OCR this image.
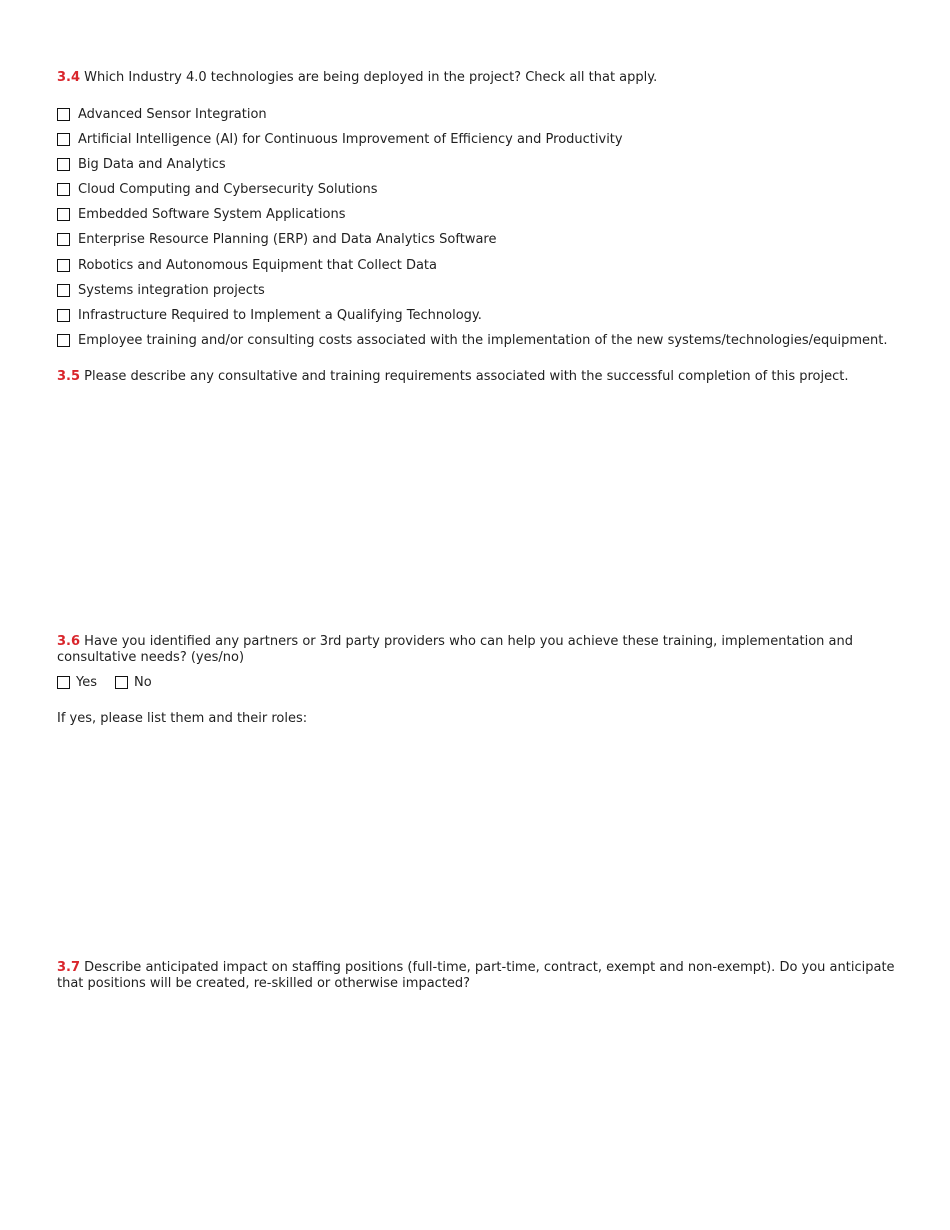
3.4 Which Industry 4.0 technologies are being deployed in the project? Check all that apply.
Advanced Sensor Integration
Artificial Intelligence (AI) for Continuous Improvement of Efficiency and Productivity
Big Data and Analytics
Cloud Computing and Cybersecurity Solutions
Embedded Software System Applications
Enterprise Resource Planning (ERP) and Data Analytics Software
Robotics and Autonomous Equipment that Collect Data
Systems integration projects
Infrastructure Required to Implement a Qualifying Technology.
Employee training and/or consulting costs associated with the implementation of the new systems/technologies/equipment.
3.5 Please describe any consultative and training requirements associated with the successful completion of this project.
3.6 Have you identified any partners or 3rd party providers who can help you achieve these training, implementation and consultative needs? (yes/no)
Yes	No
If yes, please list them and their roles:
3.7 Describe anticipated impact on staffing positions (full-time, part-time, contract, exempt and non-exempt). Do you anticipate that positions will be created, re-skilled or otherwise impacted?
